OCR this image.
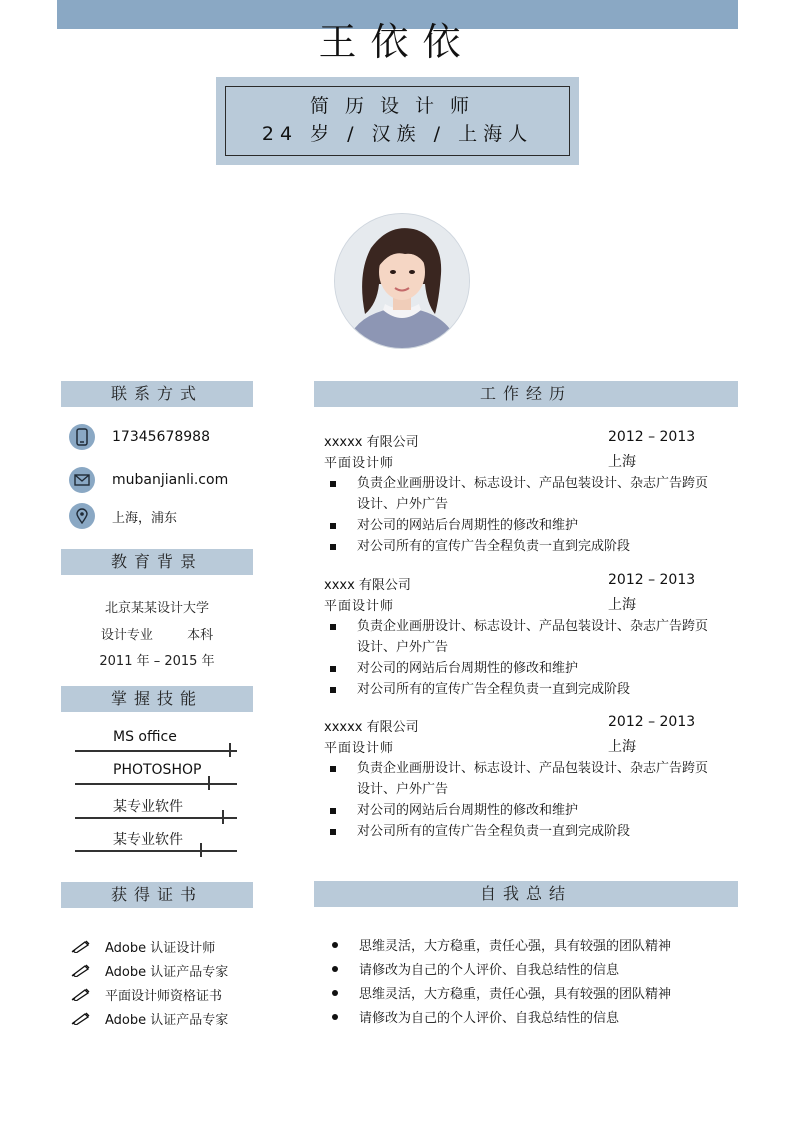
王依依
简历设计师
24 岁 / 汉族 / 上海人
联系方式
17345678988
mubanjianli.com
上海，浦东
教育背景
北京某某设计大学
设计专业	本科
2011 年 – 2015 年
掌握技能
MS office
PHOTOSHOP
某专业软件
某专业软件
获得证书
Adobe 认证设计师
Adobe 认证产品专家
平面设计师资格证书
Adobe 认证产品专家
工作经历
xxxxx 有限公司	2012 – 2013
平面设计师	上海
负责企业画册设计、标志设计、产品包装设计、杂志广告跨页设计、户外广告
对公司的网站后台周期性的修改和维护
对公司所有的宣传广告全程负责一直到完成阶段
xxxx 有限公司	2012 – 2013
平面设计师	上海
负责企业画册设计、标志设计、产品包装设计、杂志广告跨页设计、户外广告
对公司的网站后台周期性的修改和维护
对公司所有的宣传广告全程负责一直到完成阶段
xxxxx 有限公司	2012 – 2013
平面设计师	上海
负责企业画册设计、标志设计、产品包装设计、杂志广告跨页设计、户外广告
对公司的网站后台周期性的修改和维护
对公司所有的宣传广告全程负责一直到完成阶段
自我总结
思维灵活，大方稳重，责任心强，具有较强的团队精神
请修改为自己的个人评价、自我总结性的信息
思维灵活，大方稳重，责任心强，具有较强的团队精神
请修改为自己的个人评价、自我总结性的信息
